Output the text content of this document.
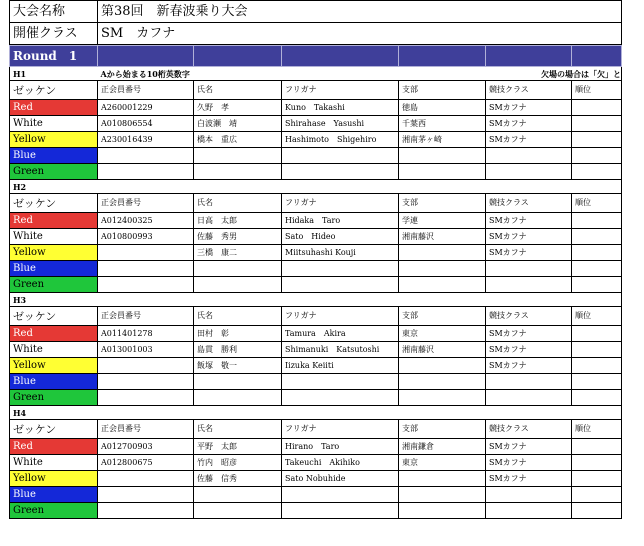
大会名称	第38回　新春波乗り大会
開催クラス	SM　カフナ
Round　1						
H1	Aから始まる10桁英数字 欠場の場合は「欠」と					

ゼッケン	正会員番号	氏名	フリガナ	支部	競技クラス	順位
Red	A260001229	久野　孝	Kuno　Takashi	徳島	SMカフナ	
White	A010806554	白波瀬　靖	Shirahase　Yasushi	千葉西	SMカフナ	
Yellow	A230016439	橋本　重広	Hashimoto　Shigehiro	湘南茅ヶ崎	SMカフナ	
Blue						
Green						
H2						
ゼッケン	正会員番号	氏名	フリガナ	支部	競技クラス	順位
Red	A012400325	日高　太郎	Hidaka　Taro	学連	SMカフナ	
White	A010800993	佐藤　秀男	Sato　Hideo	湘南藤沢	SMカフナ	
Yellow		三橋　康二	Miitsuhashi Kouji		SMカフナ	
Blue						
Green						
H3						
ゼッケン	正会員番号	氏名	フリガナ	支部	競技クラス	順位
Red	A011401278	田村　彰	Tamura　Akira	東京	SMカフナ	
White	A013001003	島貫　勝利	Shimanuki　Katsutoshi	湘南藤沢	SMカフナ	
Yellow		飯塚　敬一	Iizuka Keiiti		SMカフナ	
Blue						
Green						
H4						
ゼッケン	正会員番号	氏名	フリガナ	支部	競技クラス	順位
Red	A012700903	平野　太郎	Hirano　Taro	湘南鎌倉	SMカフナ	
White	A012800675	竹内　昭彦	Takeuchi　Akihiko	東京	SMカフナ	
Yellow		佐藤　信秀	Sato Nobuhide		SMカフナ	
Blue						
Green						
